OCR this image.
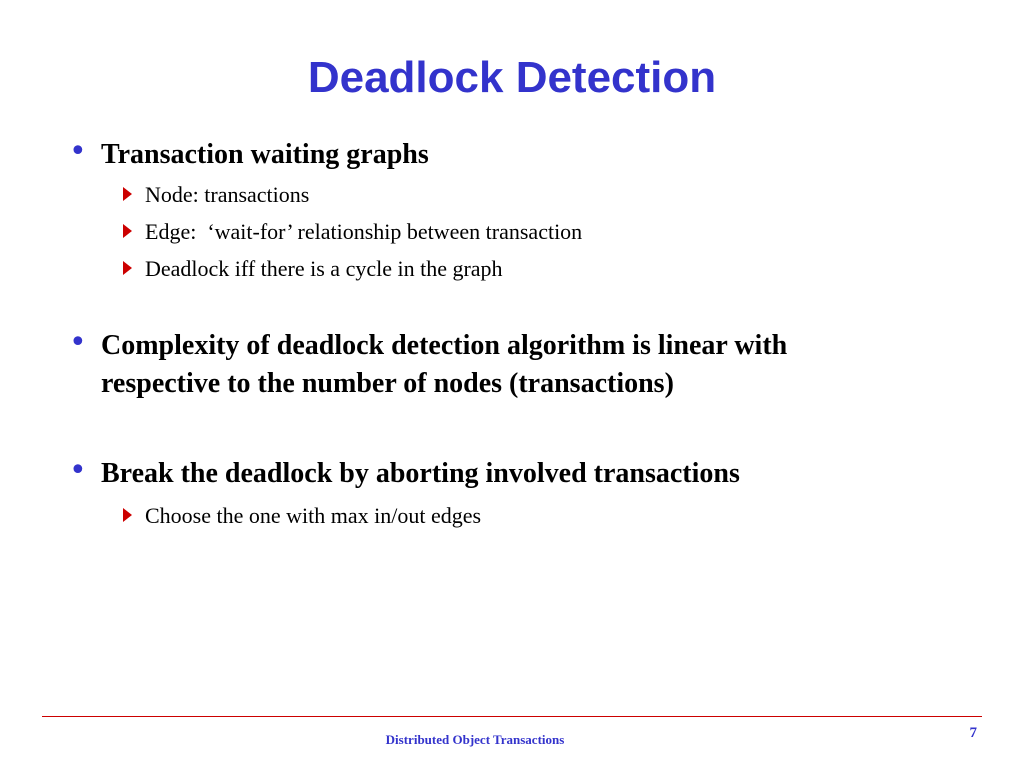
Deadlock Detection
• Transaction waiting graphs
Node: transactions
Edge:  ‘wait-for’ relationship between transaction
Deadlock iff there is a cycle in the graph
• Complexity of deadlock detection algorithm is linear with respective to the number of nodes (transactions)
• Break the deadlock by aborting involved transactions
Choose the one with max in/out edges
Distributed Object Transactions	7
